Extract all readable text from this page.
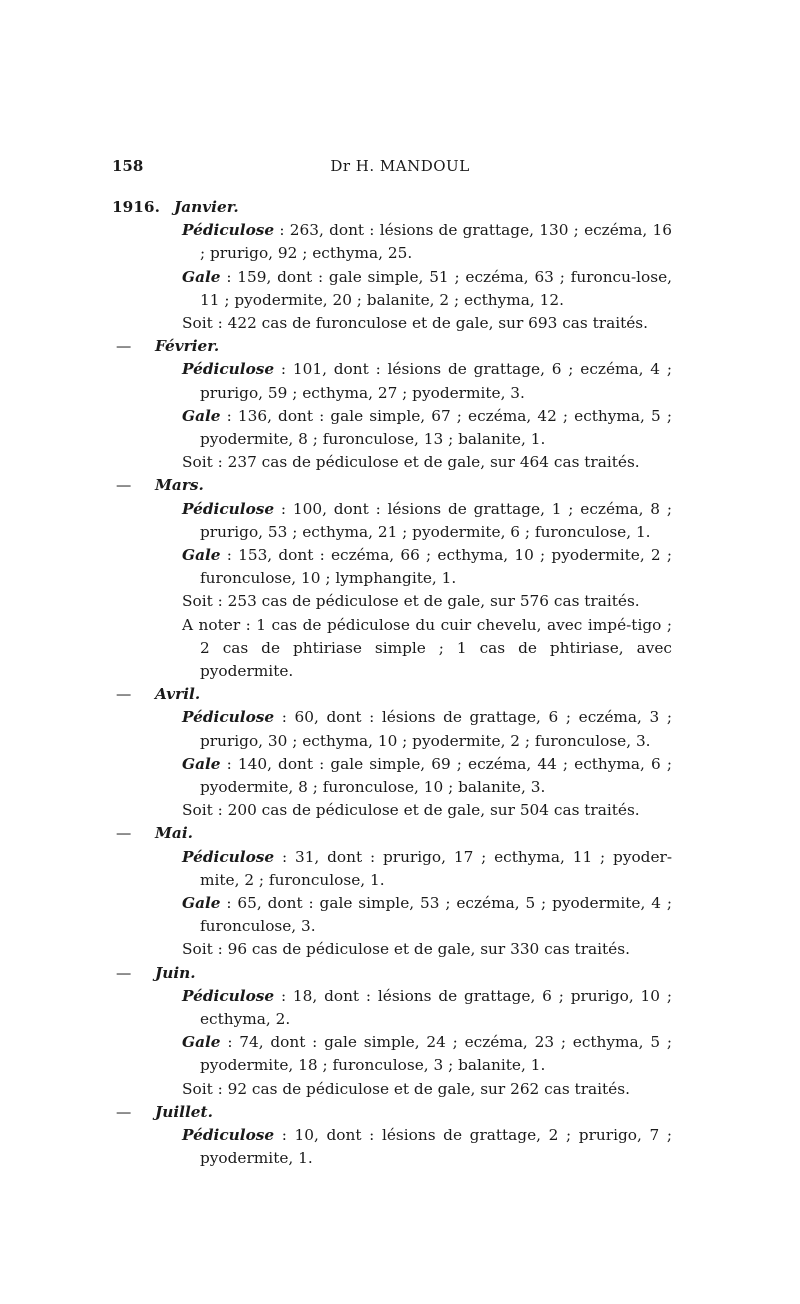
158	Dr H. MANDOUL
1916. Janvier.
Pédiculose : 263, dont : lésions de grattage, 130 ; eczéma, 16 ; prurigo, 92 ; ecthyma, 25.
Gale : 159, dont : gale simple, 51 ; eczéma, 63 ; furoncu-lose, 11 ; pyodermite, 20 ; balanite, 2 ; ecthyma, 12.
Soit : 422 cas de furonculose et de gale, sur 693 cas traités.
— Février.
Pédiculose : 101, dont : lésions de grattage, 6 ; eczéma, 4 ; prurigo, 59 ; ecthyma, 27 ; pyodermite, 3.
Gale : 136, dont : gale simple, 67 ; eczéma, 42 ; ecthyma, 5 ; pyodermite, 8 ; furonculose, 13 ; balanite, 1.
Soit : 237 cas de pédiculose et de gale, sur 464 cas traités.
— Mars.
Pédiculose : 100, dont : lésions de grattage, 1 ; eczéma, 8 ; prurigo, 53 ; ecthyma, 21 ; pyodermite, 6 ; furonculose, 1.
Gale : 153, dont : eczéma, 66 ; ecthyma, 10 ; pyodermite, 2 ; furonculose, 10 ; lymphangite, 1.
Soit : 253 cas de pédiculose et de gale, sur 576 cas traités.
A noter : 1 cas de pédiculose du cuir chevelu, avec impé-tigo ; 2 cas de phtiriase simple ; 1 cas de phtiriase, avec pyodermite.
— Avril.
Pédiculose : 60, dont : lésions de grattage, 6 ; eczéma, 3 ; prurigo, 30 ; ecthyma, 10 ; pyodermite, 2 ; furonculose, 3.
Gale : 140, dont : gale simple, 69 ; eczéma, 44 ; ecthyma, 6 ; pyodermite, 8 ; furonculose, 10 ; balanite, 3.
Soit : 200 cas de pédiculose et de gale, sur 504 cas traités.
— Mai.
Pédiculose : 31, dont : prurigo, 17 ; ecthyma, 11 ; pyoder-mite, 2 ; furonculose, 1.
Gale : 65, dont : gale simple, 53 ; eczéma, 5 ; pyodermite, 4 ; furonculose, 3.
Soit : 96 cas de pédiculose et de gale, sur 330 cas traités.
— Juin.
Pédiculose : 18, dont : lésions de grattage, 6 ; prurigo, 10 ; ecthyma, 2.
Gale : 74, dont : gale simple, 24 ; eczéma, 23 ; ecthyma, 5 ; pyodermite, 18 ; furonculose, 3 ; balanite, 1.
Soit : 92 cas de pédiculose et de gale, sur 262 cas traités.
— Juillet.
Pédiculose : 10, dont : lésions de grattage, 2 ; prurigo, 7 ; pyodermite, 1.
